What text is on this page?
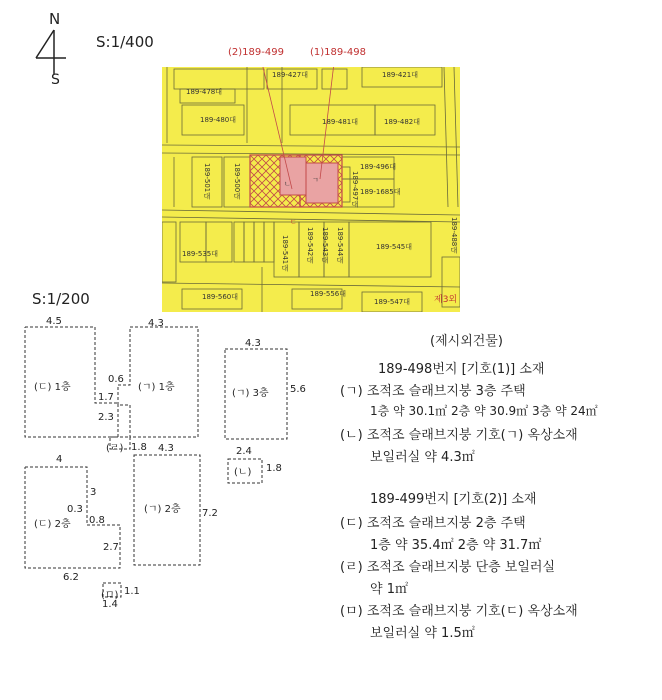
N
S
S:1/400
S:1/200
(2)189-499	(1)189-498
189-427대	189-421대
189-478대
189-480대	189-481대	189-482대
189-501대	189-500대	189-496대
189-1685대
189-497대
189-488대
189-535대	189-541대 189-542대 189-543대 189-544대	189-545대
189-560대	189-556대
189-547대	제3외
ㄴ	ㄱ
ㄷ
4.5
(ㄷ) 1층
1.7
2.3
4.3
0.6
(ㄱ) 1층
4.3
(ㄱ) 3층 5.6
(ㄹ) 1.8 4.3
(ㄱ) 2층 7.2
2.4
(ㄴ) 1.8
4
3
0.3
(ㄷ) 2층 0.8
2.7
6.2
(ㅁ) 1.1
1.4
(제시외건물)
189-498번지 [기호(1)] 소재
(ㄱ) 조적조 슬래브지붕 3층 주택
1층 약 30.1㎡ 2층 약 30.9㎡ 3층 약 24㎡
(ㄴ) 조적조 슬래브지붕 기호(ㄱ) 옥상소재
보일러실 약 4.3㎡
189-499번지 [기호(2)] 소재
(ㄷ) 조적조 슬래브지붕 2층 주택
1층 약 35.4㎡ 2층 약 31.7㎡
(ㄹ) 조적조 슬래브지붕 단층 보일러실
약 1㎡
(ㅁ) 조적조 슬래브지붕 기호(ㄷ) 옥상소재
보일러실 약 1.5㎡
